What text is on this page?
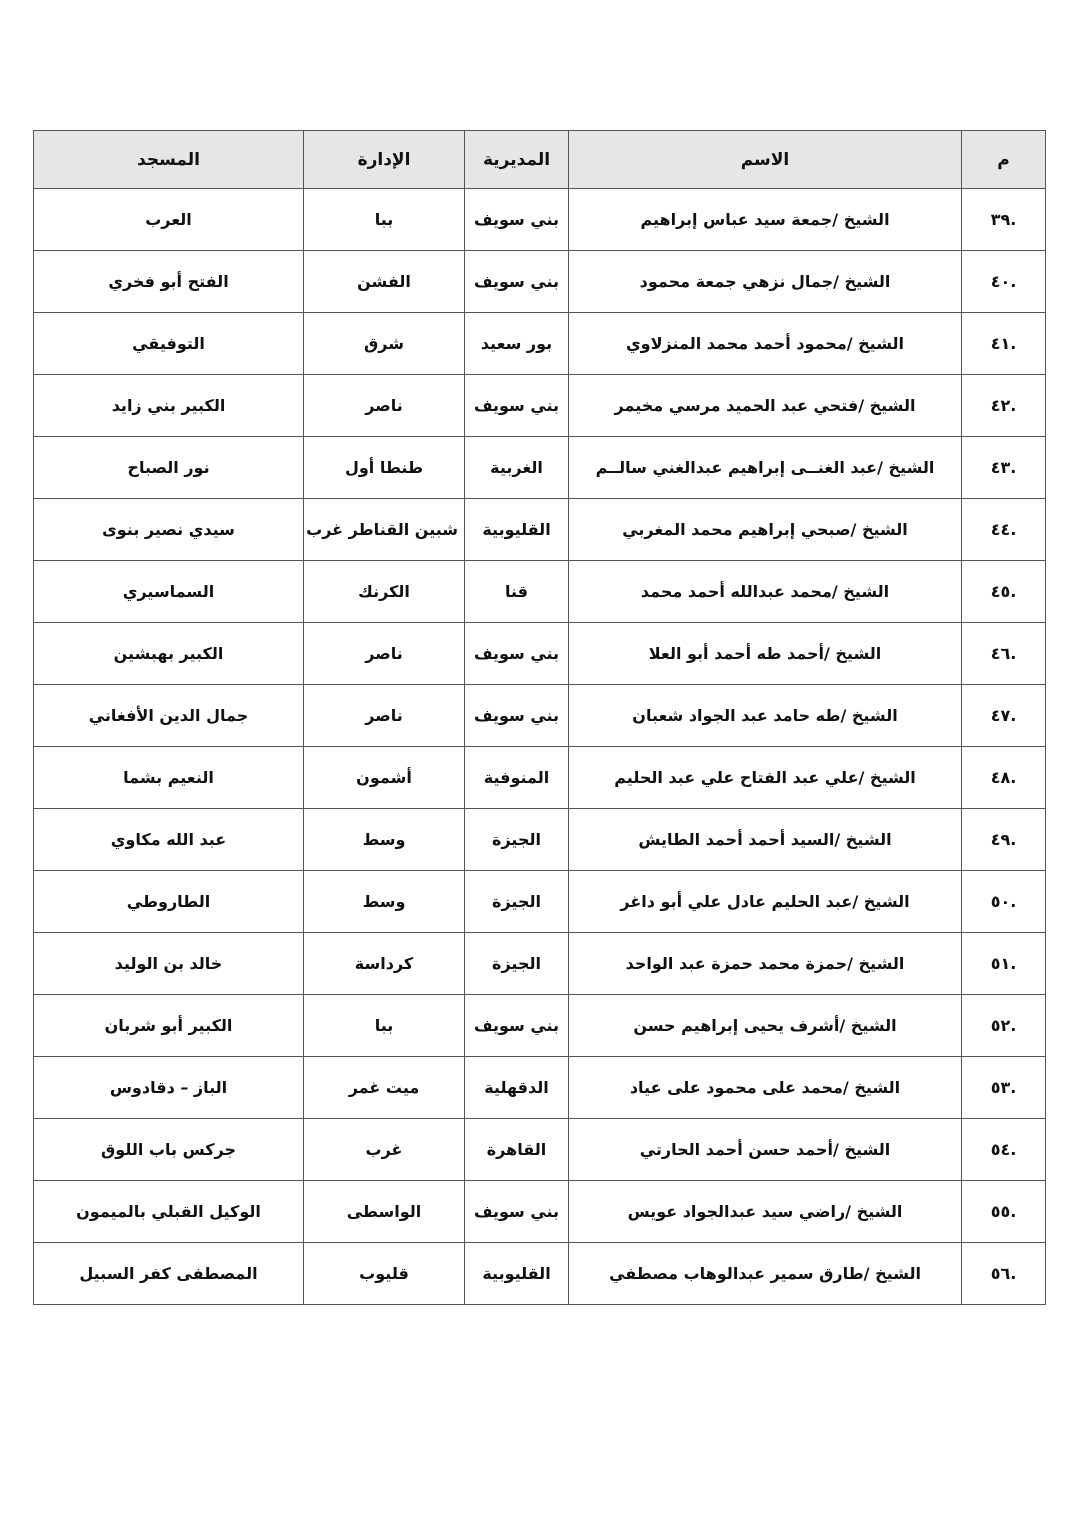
م	الاسم	المديرية	الإدارة	المسجد
.٣٩	الشيخ /جمعة سيد عباس إبراهيم	بني سويف	ببا	العرب
.٤٠	الشيخ /جمال نزهي جمعة محمود	بني سويف	الفشن	الفتح أبو فخري
.٤١	الشيخ /محمود أحمد محمد المنزلاوي	بور سعيد	شرق	التوفيقي
.٤٢	الشيخ /فتحي عبد الحميد مرسي مخيمر	بني سويف	ناصر	الكبير بني زايد
.٤٣	الشيخ /عبد الغنــى إبراهيم عبدالغني سالــم	الغربية	طنطا أول	نور الصباح
.٤٤	الشيخ /صبحي إبراهيم محمد المغربي	القليوبية	شبين القناطر غرب	سيدي نصير بنوى
.٤٥	الشيخ /محمد عبدالله أحمد محمد	قنا	الكرنك	السماسيري
.٤٦	الشيخ /أحمد طه أحمد أبو العلا	بني سويف	ناصر	الكبير بهبشين
.٤٧	الشيخ /طه حامد عبد الجواد شعبان	بني سويف	ناصر	جمال الدين الأفغاني
.٤٨	الشيخ /علي عبد الفتاح علي عبد الحليم	المنوفية	أشمون	النعيم بشما
.٤٩	الشيخ /السيد أحمد أحمد الطايش	الجيزة	وسط	عبد الله مكاوي
.٥٠	الشيخ /عبد الحليم عادل علي أبو داغر	الجيزة	وسط	الطاروطي
.٥١	الشيخ /حمزة محمد حمزة عبد الواحد	الجيزة	كرداسة	خالد بن الوليد
.٥٢	الشيخ /أشرف يحيى إبراهيم حسن	بني سويف	ببا	الكبير أبو شربان
.٥٣	الشيخ /محمد على محمود على عياد	الدقهلية	ميت غمر	الباز – دقادوس
.٥٤	الشيخ /أحمد حسن أحمد الحارتي	القاهرة	غرب	جركس باب اللوق
.٥٥	الشيخ /راضي سيد عبدالجواد عويس	بني سويف	الواسطى	الوكيل القبلي بالميمون
.٥٦	الشيخ /طارق سمير عبدالوهاب مصطفي	القليوبية	قليوب	المصطفى كفر السبيل
